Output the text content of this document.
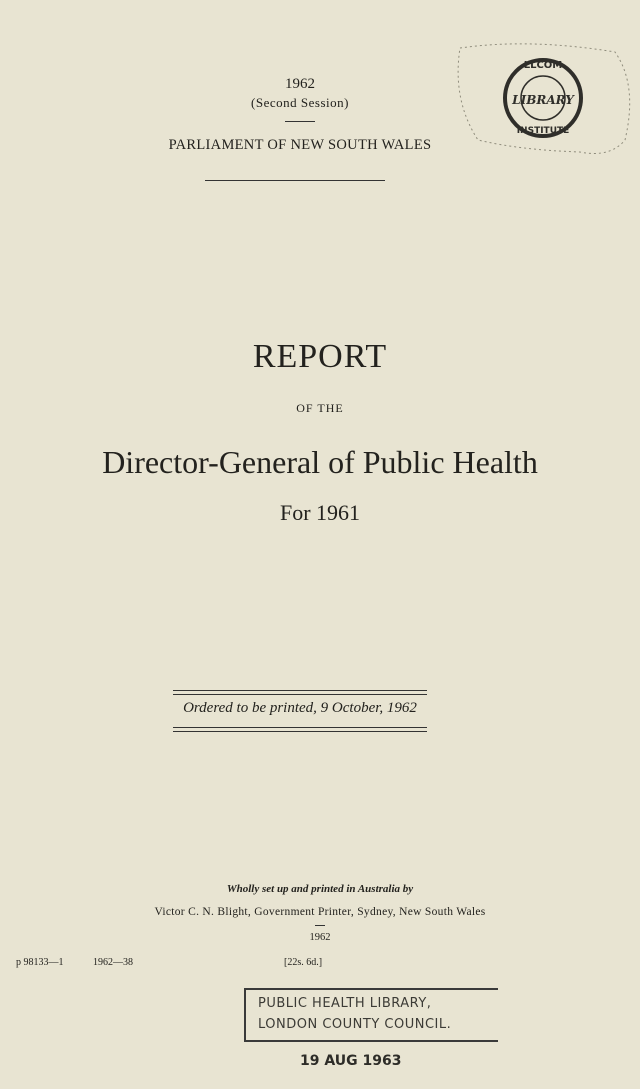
LLCOM
LIBRARY
INSTITUTE
1962
(Second Session)
PARLIAMENT OF NEW SOUTH WALES
REPORT
OF THE
Director-General of Public Health
For 1961
Ordered to be printed, 9 October, 1962
Wholly set up and printed in Australia by
Victor C. N. Blight, Government Printer, Sydney, New South Wales
1962
p 98133—1	1962—38	[22s. 6d.]
PUBLIC HEALTH LIBRARY,
LONDON COUNTY COUNCIL.
19 AUG 1963
